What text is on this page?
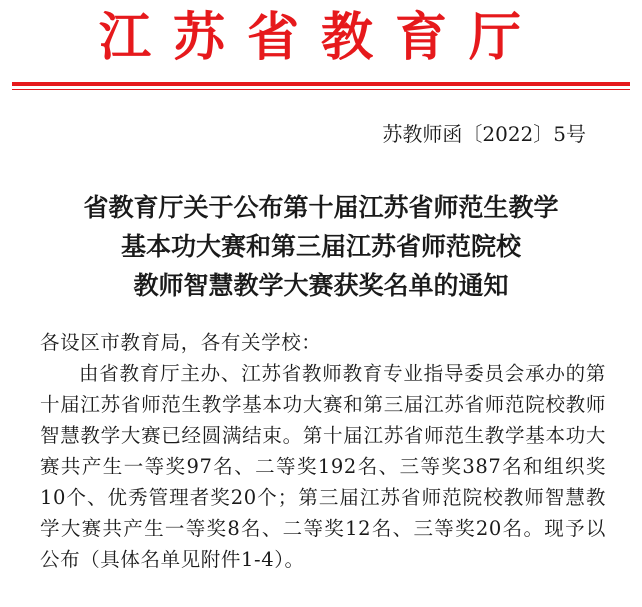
江苏省教育厅
苏教师函〔2022〕5号
省教育厅关于公布第十届江苏省师范生教学
基本功大赛和第三届江苏省师范院校
教师智慧教学大赛获奖名单的通知

各设区市教育局，各有关学校：

由省教育厅主办、江苏省教师教育专业指导委员会承办的第十届江苏省师范生教学基本功大赛和第三届江苏省师范院校教师智慧教学大赛已经圆满结束。第十届江苏省师范生教学基本功大赛共产生一等奖97名、二等奖192名、三等奖387名和组织奖10个、优秀管理者奖20个；第三届江苏省师范院校教师智慧教学大赛共产生一等奖8名、二等奖12名、三等奖20名。现予以公布（具体名单见附件1-4）。
